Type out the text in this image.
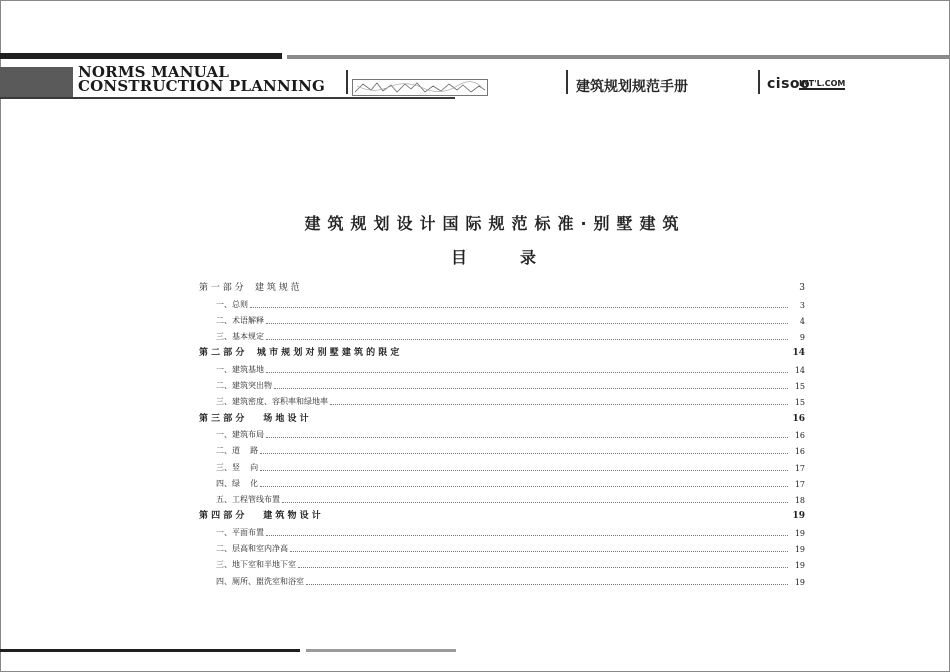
NORMS MANUAL
CONSTRUCTION PLANNING	建筑规划规范手册	cisoo
INT'L.COM
建筑规划设计国际规范标准·别墅建筑
目	录
第 一 部 分    建 筑 规 范	3
一、总则	3
二、术语解释	4
三、基本规定	9
第 二 部 分    城 市 规 划 对 别 墅 建 筑 的 限 定	14
一、建筑基地	14
二、建筑突出物	15
三、建筑密度、容积率和绿地率	15
第 三 部 分      场 地 设 计	16
一、建筑布局	16
二、道    路	16
三、竖    向	17
四、绿    化	17
五、工程管线布置	18
第 四 部 分      建 筑 物 设 计	19
一、平面布置	19
二、层高和室内净高	19
三、地下室和半地下室	19
四、厕所、盥洗室和浴室	19
